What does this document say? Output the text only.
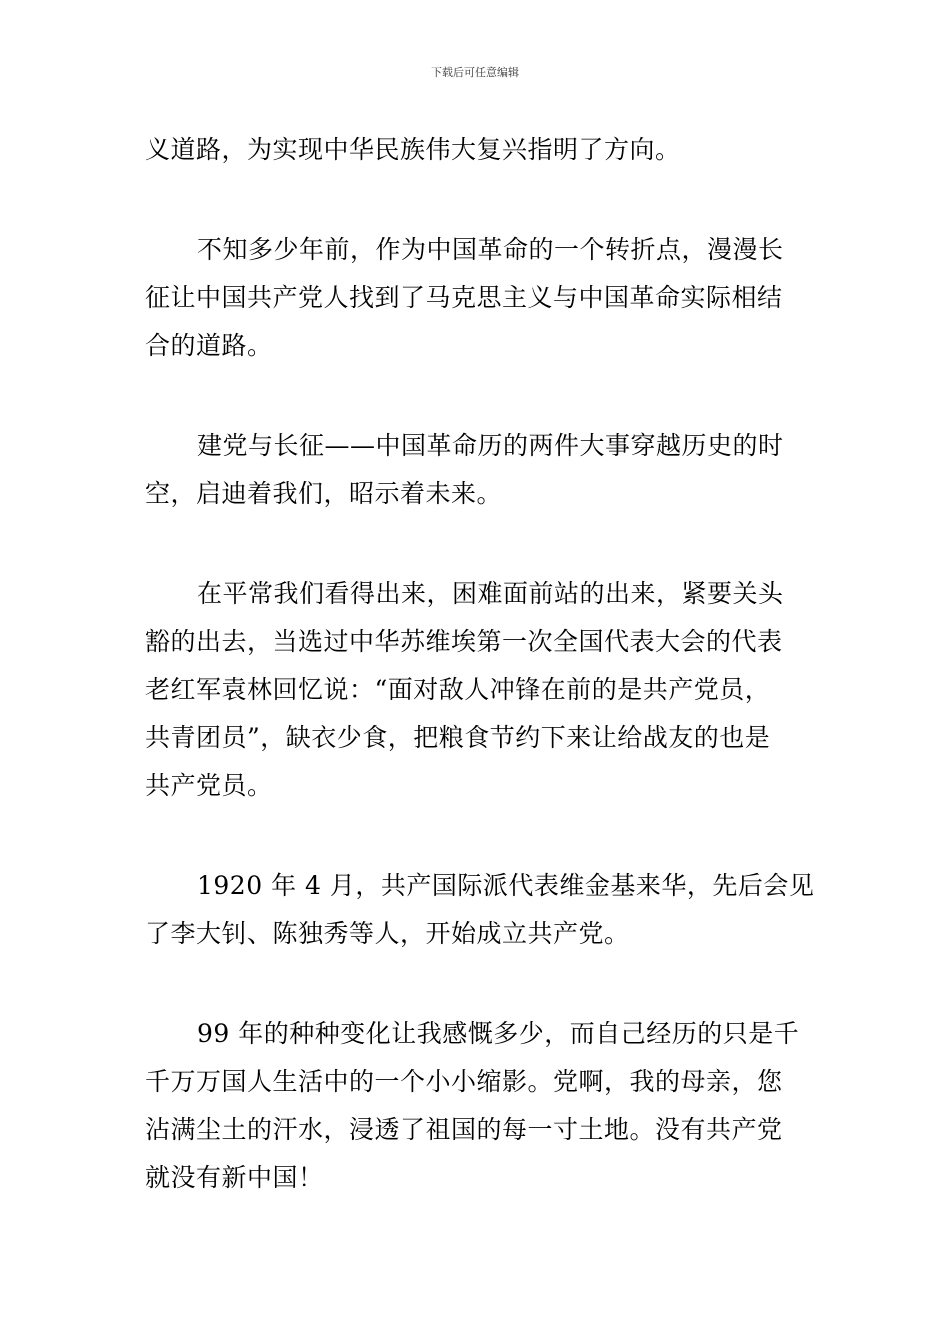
下载后可任意编辑
义道路，为实现中华民族伟大复兴指明了方向。
不知多少年前，作为中国革命的一个转折点，漫漫长
征让中国共产党人找到了马克思主义与中国革命实际相结
合的道路。
建党与长征——中国革命历的两件大事穿越历史的时
空，启迪着我们，昭示着未来。
在平常我们看得出来，困难面前站的出来，紧要关头
豁的出去，当选过中华苏维埃第一次全国代表大会的代表
老红军袁林回忆说：“面对敌人冲锋在前的是共产党员，
共青团员”，缺衣少食，把粮食节约下来让给战友的也是
共产党员。
1920 年 4 月，共产国际派代表维金基来华，先后会见
了李大钊、陈独秀等人，开始成立共产党。
99 年的种种变化让我感慨多少，而自己经历的只是千
千万万国人生活中的一个小小缩影。党啊，我的母亲，您
沾满尘土的汗水，浸透了祖国的每一寸土地。没有共产党
就没有新中国！
